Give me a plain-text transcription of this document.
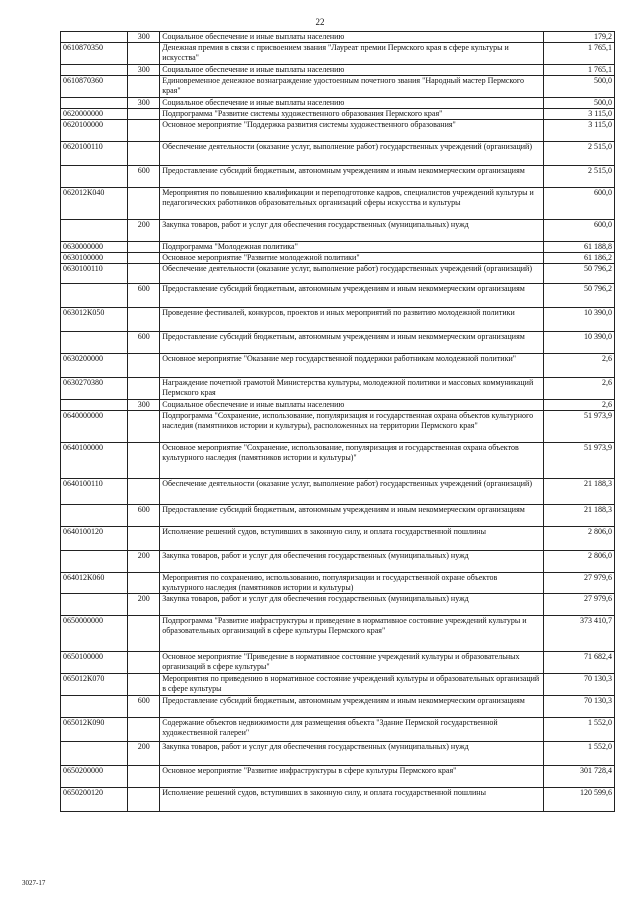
22
	300	Социальное обеспечение и иные выплаты населению	179,2
0610870350		Денежная премия в связи с присвоением звания "Лауреат премии Пермского края в сфере культуры и искусства"	1 765,1
	300	Социальное обеспечение и иные выплаты населению	1 765,1
0610870360		Единовременное денежное вознаграждение удостоенным почетного звания "Народный мастер Пермского края"	500,0
	300	Социальное обеспечение и иные выплаты населению	500,0
0620000000		Подпрограмма "Развитие системы художественного образования Пермского края"	3 115,0
0620100000		Основное мероприятие "Поддержка развития системы художественного образования"	3 115,0
0620100110		Обеспечение деятельности (оказание услуг, выполнение работ) государственных учреждений (организаций)	2 515,0
	600	Предоставление субсидий бюджетным, автономным учреждениям и иным некоммерческим организациям	2 515,0
062012К040		Мероприятия по повышению квалификации и переподготовке кадров, специалистов учреждений культуры и педагогических работников образовательных организаций сферы искусства и культуры	600,0
	200	Закупка товаров, работ и услуг для обеспечения государственных (муниципальных) нужд	600,0
0630000000		Подпрограмма "Молодежная политика"	61 188,8
0630100000		Основное мероприятие "Развитие молодежной политики"	61 186,2
0630100110		Обеспечение деятельности (оказание услуг, выполнение работ) государственных учреждений (организаций)	50 796,2
	600	Предоставление субсидий бюджетным, автономным учреждениям и иным некоммерческим организациям	50 796,2
063012К050		Проведение фестивалей, конкурсов, проектов и иных мероприятий по развитию молодежной политики	10 390,0
	600	Предоставление субсидий бюджетным, автономным учреждениям и иным некоммерческим организациям	10 390,0
0630200000		Основное мероприятие "Оказание мер государственной поддержки работникам молодежной политики"	2,6
0630270380		Награждение почетной грамотой Министерства культуры, молодежной политики и массовых коммуникаций Пермского края	2,6
	300	Социальное обеспечение и иные выплаты населению	2,6
0640000000		Подпрограмма "Сохранение, использование, популяризация и государственная охрана объектов культурного наследия (памятников истории и культуры), расположенных на территории Пермского края"	51 973,9
0640100000		Основное мероприятие "Сохранение, использование, популяризация и государственная охрана объектов культурного наследия (памятников истории и культуры)"	51 973,9
0640100110		Обеспечение деятельности (оказание услуг, выполнение работ) государственных учреждений (организаций)	21 188,3
	600	Предоставление субсидий бюджетным, автономным учреждениям и иным некоммерческим организациям	21 188,3
0640100120		Исполнение решений судов, вступивших в законную силу, и оплата государственной пошлины	2 806,0
	200	Закупка товаров, работ и услуг для обеспечения государственных (муниципальных) нужд	2 806,0
064012К060		Мероприятия по сохранению, использованию, популяризации и государственной охране объектов культурного наследия (памятников истории и культуры)	27 979,6
	200	Закупка товаров, работ и услуг для обеспечения государственных (муниципальных) нужд	27 979,6
0650000000		Подпрограмма "Развитие инфраструктуры и приведение в нормативное состояние учреждений культуры и образовательных организаций в сфере культуры Пермского края"	373 410,7
0650100000		Основное мероприятие "Приведение в нормативное состояние учреждений культуры и образовательных организаций в сфере культуры"	71 682,4
065012К070		Мероприятия по приведению в нормативное состояние учреждений культуры и образовательных организаций в сфере культуры	70 130,3
	600	Предоставление субсидий бюджетным, автономным учреждениям и иным некоммерческим организациям	70 130,3
065012К090		Содержание объектов недвижимости для размещения объекта "Здание Пермской государственной художественной галереи"	1 552,0
	200	Закупка товаров, работ и услуг для обеспечения государственных (муниципальных) нужд	1 552,0
0650200000		Основное мероприятие "Развитие инфраструктуры в сфере культуры Пермского края"	301 728,4
0650200120		Исполнение решений судов, вступивших в законную силу, и оплата государственной пошлины	120 599,6
3027-17
